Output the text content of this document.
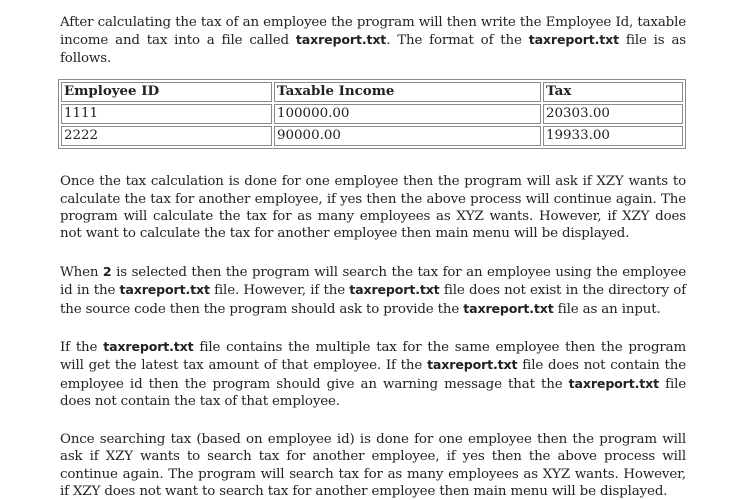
After calculating the tax of an employee the program will then write the Employee Id, taxable income and tax into a file called taxreport.txt. The format of the taxreport.txt file is as follows.

Employee ID	Taxable Income	Tax
1111	100000.00	20303.00
2222	90000.00	19933.00

Once the tax calculation is done for one employee then the program will ask if XZY wants to calculate the tax for another employee, if yes then the above process will continue again. The program will calculate the tax for as many employees as XYZ wants. However, if XZY does not want to calculate the tax for another employee then main menu will be displayed.

When 2 is selected then the program will search the tax for an employee using the employee id in the taxreport.txt file. However, if the taxreport.txt file does not exist in the directory of the source code then the program should ask to provide the taxreport.txt file as an input.

If the taxreport.txt file contains the multiple tax for the same employee then the program will get the latest tax amount of that employee. If the taxreport.txt file does not contain the employee id then the program should give an warning message that the taxreport.txt file does not contain the tax of that employee.

Once searching tax (based on employee id) is done for one employee then the program will ask if XZY wants to search tax for another employee, if yes then the above process will continue again. The program will search tax for as many employees as XYZ wants. However, if XZY does not want to search tax for another employee then main menu will be displayed.
